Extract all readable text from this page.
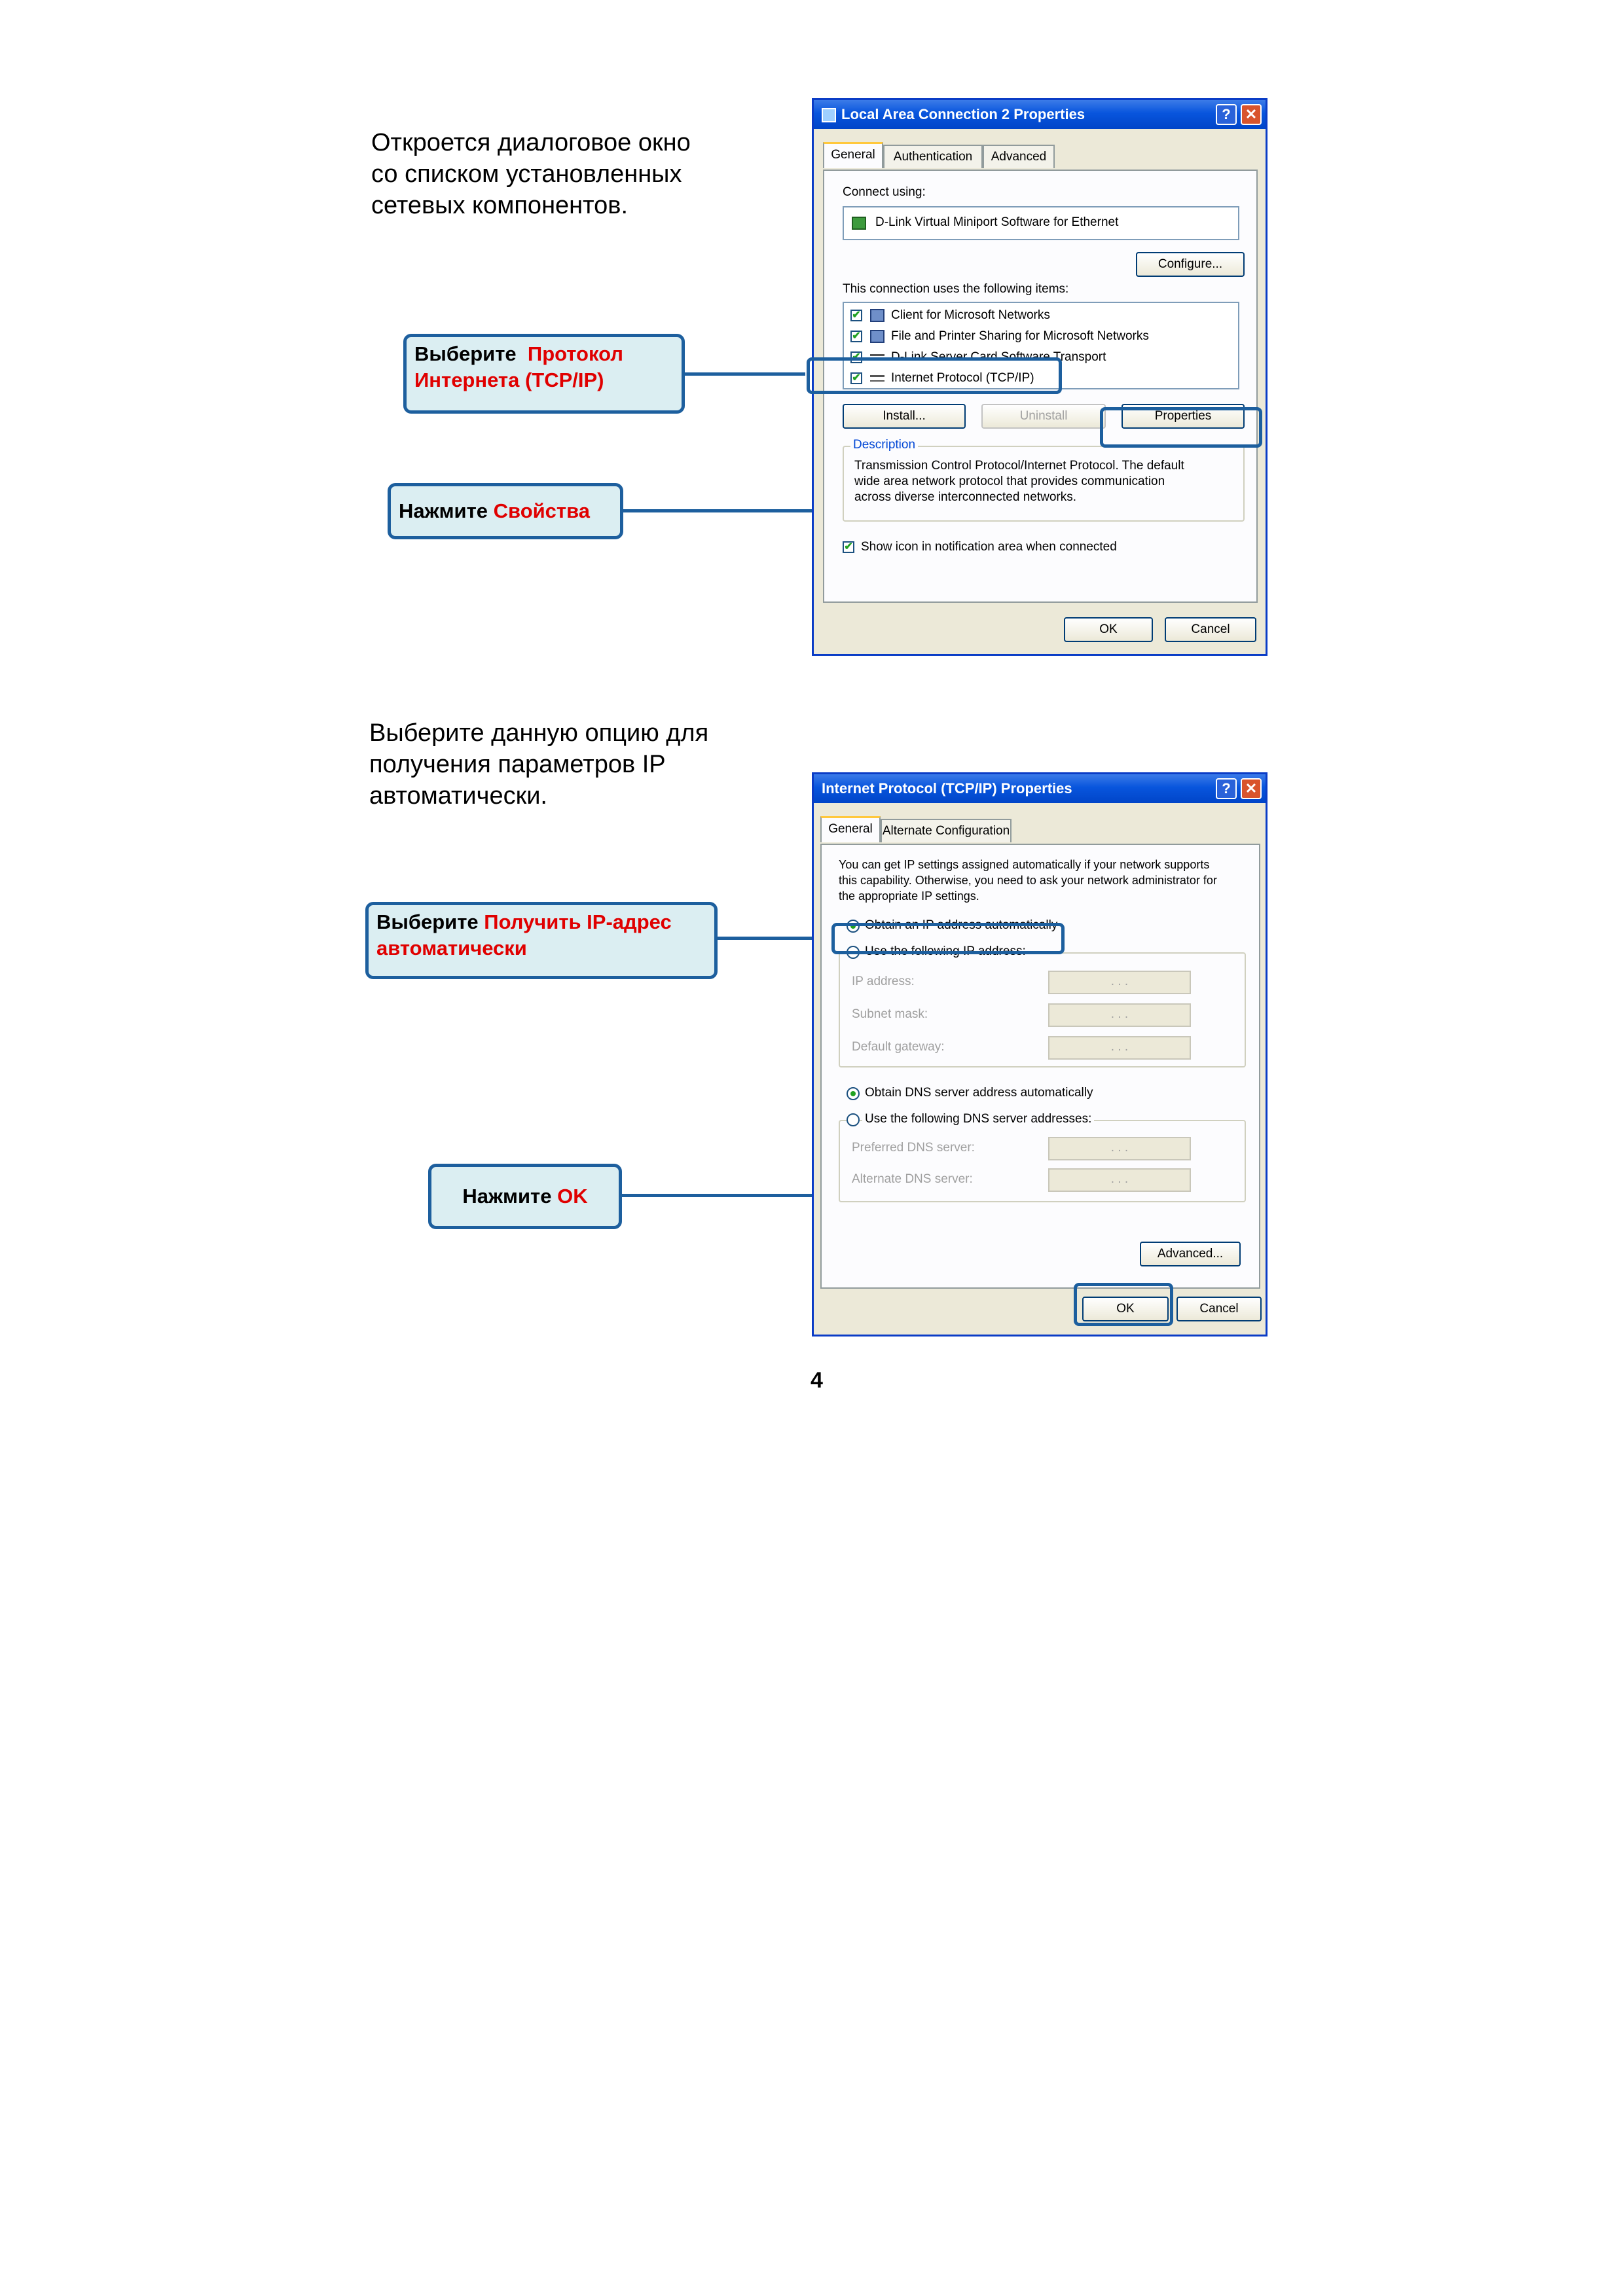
Откроется диалоговое окно
со списком установленных
сетевых компонентов.
Выберите Протокол
Интернета (TCP/IP)
Нажмите Свойства
Local Area Connection 2 Properties	?	✕
General	Authentication	Advanced
Connect using:
D-Link Virtual Miniport Software for Ethernet
Configure...
This connection uses the following items:
✔ Client for Microsoft Networks
✔ File and Printer Sharing for Microsoft Networks
✔ D-Link Server Card Software Transport
✔ Internet Protocol (TCP/IP)
Install...	Uninstall	Properties
Description
Transmission Control Protocol/Internet Protocol. The default
wide area network protocol that provides communication
across diverse interconnected networks.
✔ Show icon in notification area when connected
OK	Cancel
Выберите данную опцию для
получения параметров IP
автоматически.
Выберите Получить IP-адрес
автоматически
Нажмите OK
Internet Protocol (TCP/IP) Properties	?	✕
General Alternate Configuration
You can get IP settings assigned automatically if your network supports
this capability. Otherwise, you need to ask your network administrator for
the appropriate IP settings.
Obtain an IP address automatically
Use the following IP address:
IP address:	. . .
Subnet mask:	. . .
Default gateway:	. . .
Obtain DNS server address automatically
Use the following DNS server addresses:
Preferred DNS server:	. . .
Alternate DNS server:	. . .
Advanced...
OK	Cancel
4
